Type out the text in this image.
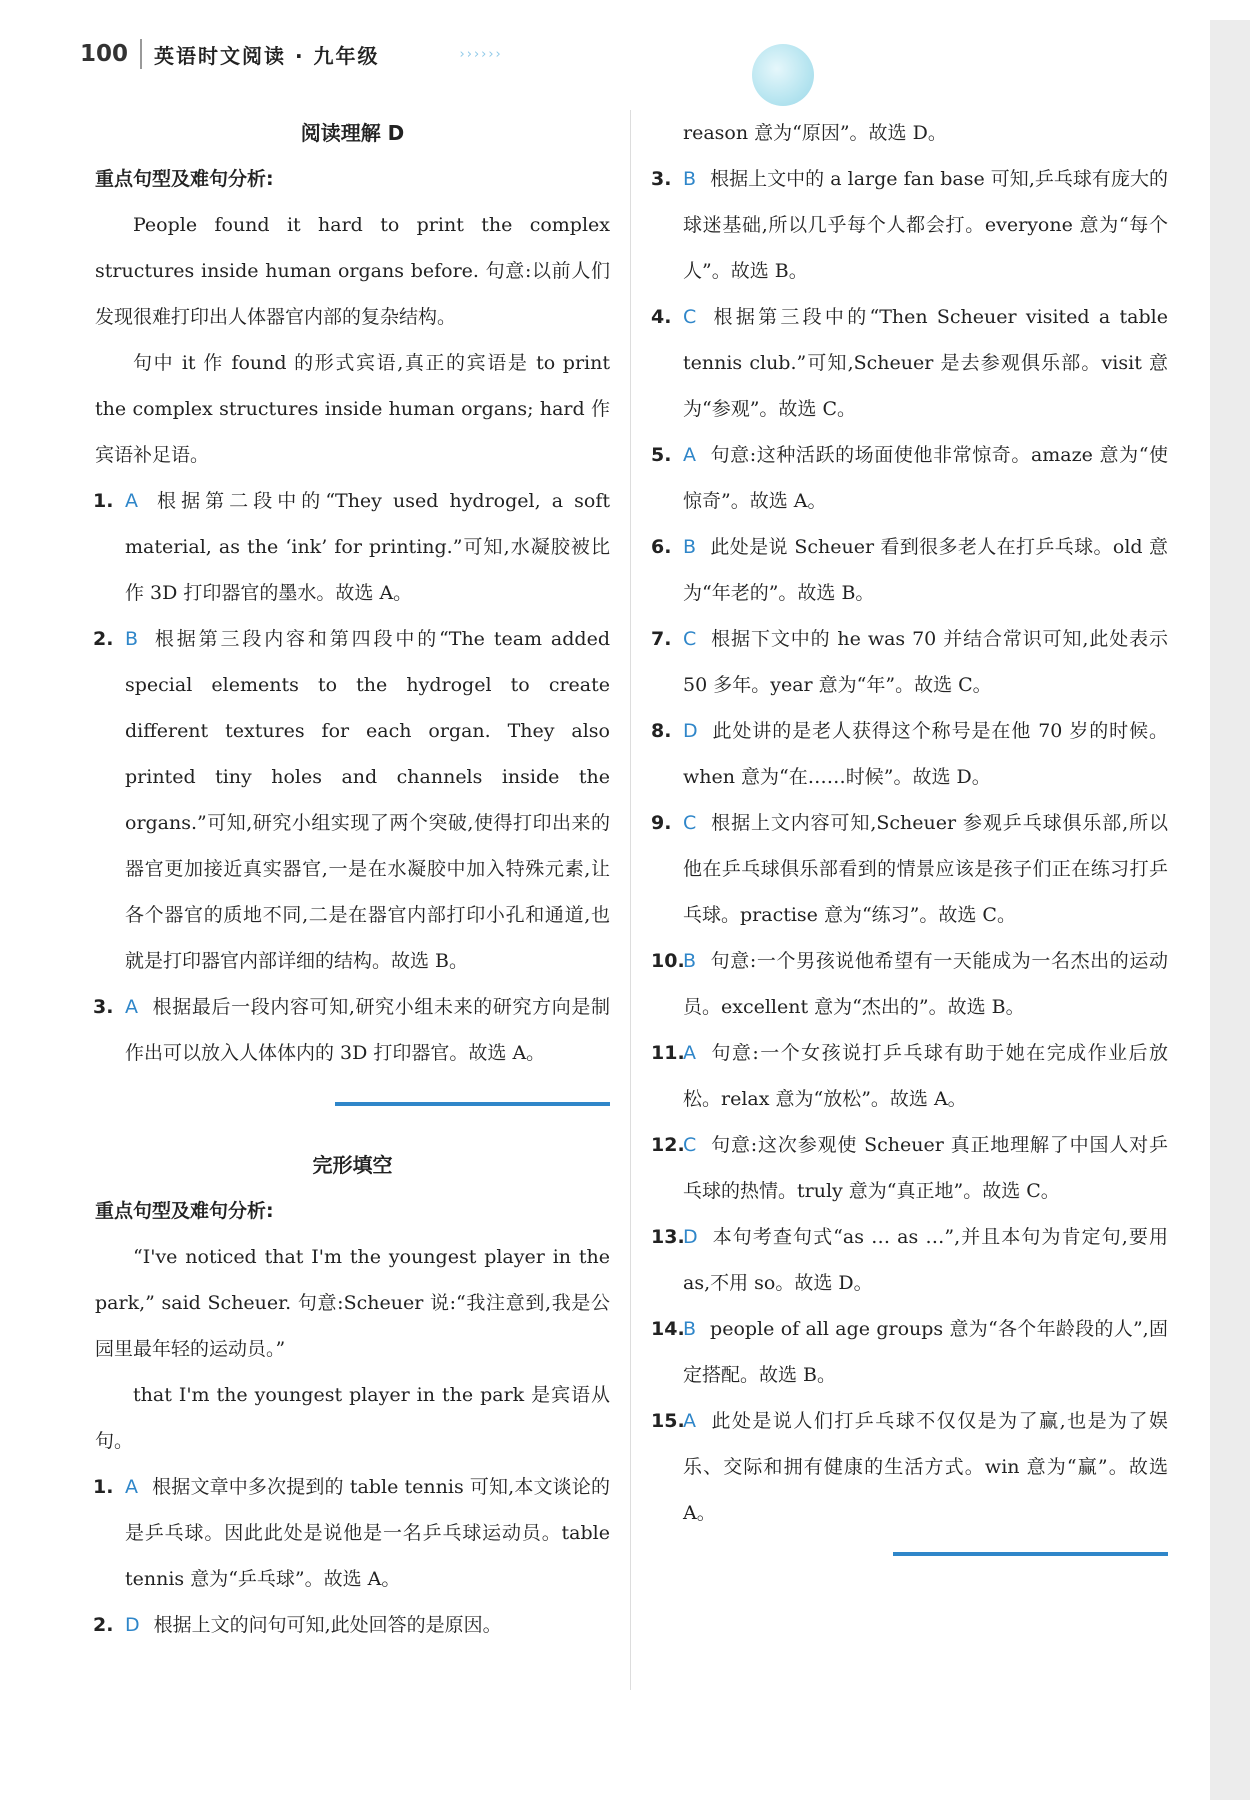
100 英语时文阅读 · 九年级	››››››
阅读理解 D
重点句型及难句分析:
People found it hard to print the complex structures inside human organs before. 句意:以前人们发现很难打印出人体器官内部的复杂结构。
句中 it 作 found 的形式宾语,真正的宾语是 to print the complex structures inside human organs; hard 作宾语补足语。
1. A 根据第二段中的“They used hydrogel, a soft material, as the ‘ink’ for printing.”可知,水凝胶被比作 3D 打印器官的墨水。故选 A。
2. B 根据第三段内容和第四段中的“The team added special elements to the hydrogel to create different textures for each organ. They also printed tiny holes and channels inside the organs.”可知,研究小组实现了两个突破,使得打印出来的器官更加接近真实器官,一是在水凝胶中加入特殊元素,让各个器官的质地不同,二是在器官内部打印小孔和通道,也就是打印器官内部详细的结构。故选 B。
3. A 根据最后一段内容可知,研究小组未来的研究方向是制作出可以放入人体体内的 3D 打印器官。故选 A。
完形填空
重点句型及难句分析:
“I've noticed that I'm the youngest player in the park,” said Scheuer. 句意:Scheuer 说:“我注意到,我是公园里最年轻的运动员。”
that I'm the youngest player in the park 是宾语从句。
1. A 根据文章中多次提到的 table tennis 可知,本文谈论的是乒乓球。因此此处是说他是一名乒乓球运动员。table tennis 意为“乒乓球”。故选 A。
2. D 根据上文的问句可知,此处回答的是原因。
reason 意为“原因”。故选 D。
3. B 根据上文中的 a large fan base 可知,乒乓球有庞大的球迷基础,所以几乎每个人都会打。everyone 意为“每个人”。故选 B。
4. C 根据第三段中的“Then Scheuer visited a table tennis club.”可知,Scheuer 是去参观俱乐部。visit 意为“参观”。故选 C。
5. A 句意:这种活跃的场面使他非常惊奇。amaze 意为“使惊奇”。故选 A。
6. B 此处是说 Scheuer 看到很多老人在打乒乓球。old 意为“年老的”。故选 B。
7. C 根据下文中的 he was 70 并结合常识可知,此处表示 50 多年。year 意为“年”。故选 C。
8. D 此处讲的是老人获得这个称号是在他 70 岁的时候。when 意为“在……时候”。故选 D。
9. C 根据上文内容可知,Scheuer 参观乒乓球俱乐部,所以他在乒乓球俱乐部看到的情景应该是孩子们正在练习打乒乓球。practise 意为“练习”。故选 C。
10.
B 句意:一个男孩说他希望有一天能成为一名杰出的运动员。excellent 意为“杰出的”。故选 B。
11.
A 句意:一个女孩说打乒乓球有助于她在完成作业后放松。relax 意为“放松”。故选 A。
12.
C 句意:这次参观使 Scheuer 真正地理解了中国人对乒乓球的热情。truly 意为“真正地”。故选 C。
13.
D 本句考查句式“as … as …”,并且本句为肯定句,要用 as,不用 so。故选 D。
14.
B people of all age groups 意为“各个年龄段的人”,固定搭配。故选 B。
15.
A 此处是说人们打乒乓球不仅仅是为了赢,也是为了娱乐、交际和拥有健康的生活方式。win 意为“赢”。故选 A。
